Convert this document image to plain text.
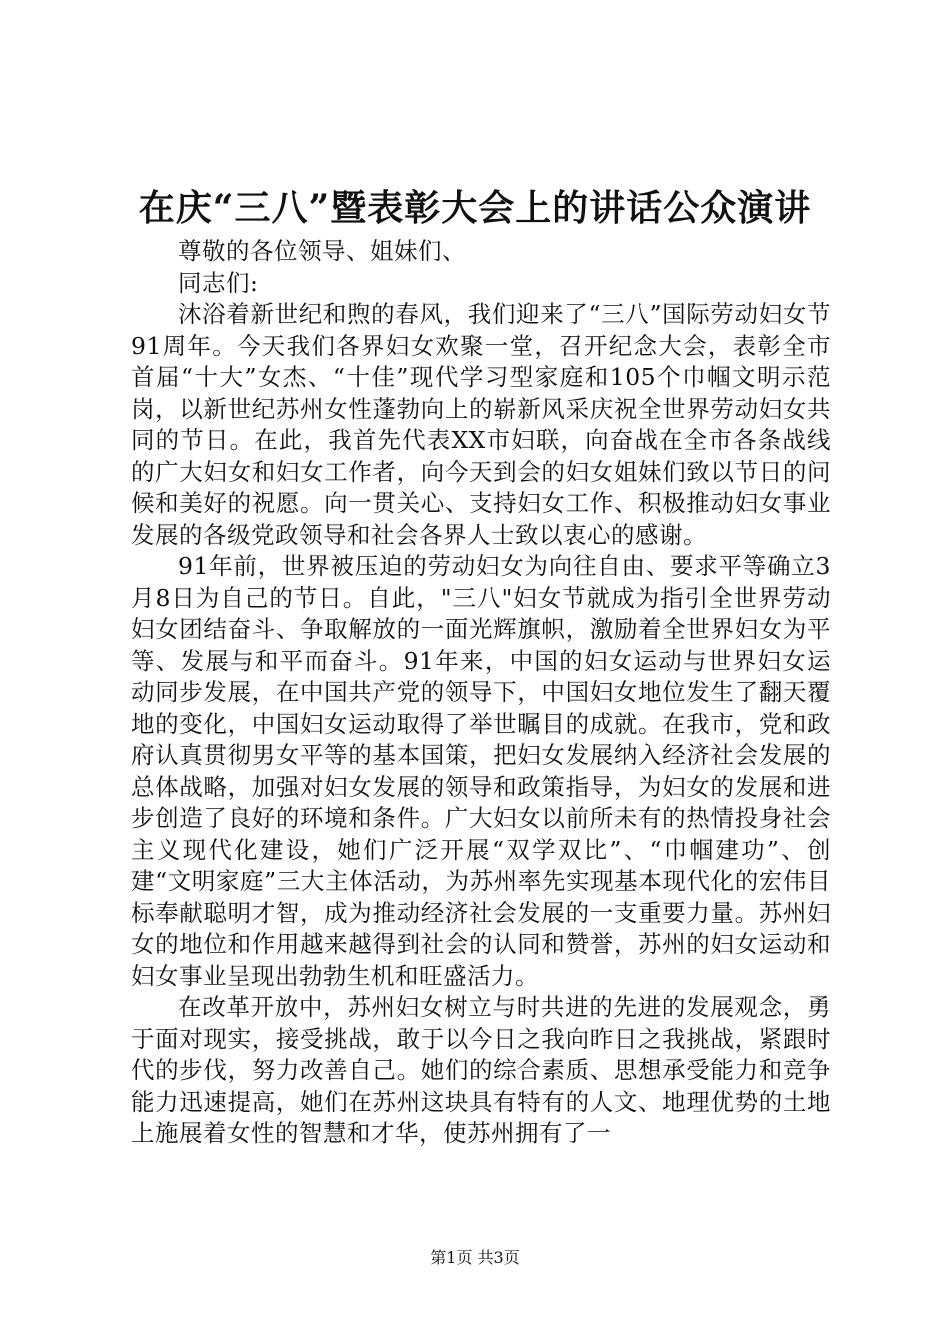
在庆“三八”暨表彰大会上的讲话公众演讲

尊敬的各位领导、姐妹们、

同志们:

沐浴着新世纪和煦的春风，我们迎来了“三八”国际劳动妇女节91周年。今天我们各界妇女欢聚一堂，召开纪念大会，表彰全市首届“十大”女杰、“十佳”现代学习型家庭和105个巾帼文明示范岗，以新世纪苏州女性蓬勃向上的崭新风采庆祝全世界劳动妇女共同的节日。在此，我首先代表XX市妇联，向奋战在全市各条战线的广大妇女和妇女工作者，向今天到会的妇女姐妹们致以节日的问候和美好的祝愿。向一贯关心、支持妇女工作、积极推动妇女事业发展的各级党政领导和社会各界人士致以衷心的感谢。

91年前，世界被压迫的劳动妇女为向往自由、要求平等确立3月8日为自己的节日。自此，"三八"妇女节就成为指引全世界劳动妇女团结奋斗、争取解放的一面光辉旗帜，激励着全世界妇女为平等、发展与和平而奋斗。91年来，中国的妇女运动与世界妇女运动同步发展，在中国共产党的领导下，中国妇女地位发生了翻天覆地的变化，中国妇女运动取得了举世瞩目的成就。在我市，党和政府认真贯彻男女平等的基本国策，把妇女发展纳入经济社会发展的总体战略，加强对妇女发展的领导和政策指导，为妇女的发展和进步创造了良好的环境和条件。广大妇女以前所未有的热情投身社会主义现代化建设，她们广泛开展“双学双比”、“巾帼建功”、创建“文明家庭”三大主体活动，为苏州率先实现基本现代化的宏伟目标奉献聪明才智，成为推动经济社会发展的一支重要力量。苏州妇女的地位和作用越来越得到社会的认同和赞誉，苏州的妇女运动和妇女事业呈现出勃勃生机和旺盛活力。

在改革开放中，苏州妇女树立与时共进的先进的发展观念，勇于面对现实，接受挑战，敢于以今日之我向昨日之我挑战，紧跟时代的步伐，努力改善自己。她们的综合素质、思想承受能力和竞争能力迅速提高，她们在苏州这块具有特有的人文、地理优势的土地上施展着女性的智慧和才华，使苏州拥有了一

第1页 共3页
